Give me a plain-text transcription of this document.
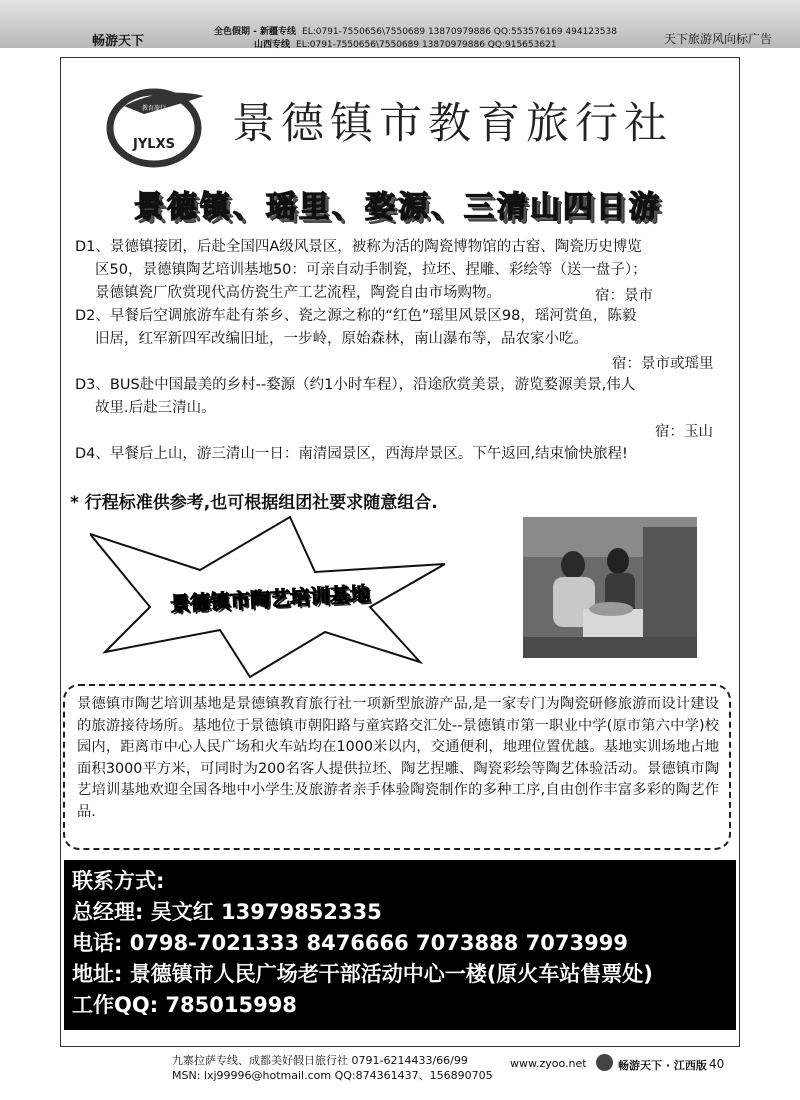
全色假期 - 新疆专线 EL:0791-7550656\7550689 13870979886 QQ:553576169 494123538
山西专线 EL:0791-7550656\7550689 13870979886 QQ:915653621
畅游天下	天下旅游风向标广告
JYLXS
教育旅行 景德镇市教育旅行社
景德镇、瑶里、婺源、三清山四日游
D1、景德镇接团，后赴全国四A级风景区，被称为活的陶瓷博物馆的古窑、陶瓷历史博览
区50，景德镇陶艺培训基地50：可亲自动手制瓷，拉坯、捏雕、彩绘等（送一盘子）；
景德镇瓷厂欣赏现代高仿瓷生产工艺流程，陶瓷自由市场购物。	宿：景市
D2、早餐后空调旅游车赴有茶乡、瓷之源之称的“红色”瑶里风景区98，瑶河赏鱼，陈毅
旧居，红军新四军改编旧址，一步岭，原始森林，南山瀑布等，品农家小吃。
宿：景市或瑶里
D3、BUS赴中国最美的乡村--婺源（约1小时车程），沿途欣赏美景，游览婺源美景,伟人
故里.后赴三清山。
宿：玉山
D4、早餐后上山，游三清山一日：南清园景区，西海岸景区。下午返回,结束愉快旅程!
* 行程标准供参考,也可根据组团社要求随意组合.
景德镇市陶艺培训基地
景德镇市陶艺培训基地是景德镇教育旅行社一项新型旅游产品,是一家专门为陶瓷研修旅游而设计建设的旅游接待场所。基地位于景德镇市朝阳路与童宾路交汇处--景德镇市第一职业中学(原市第六中学)校园内，距离市中心人民广场和火车站均在1000米以内，交通便利，地理位置优越。基地实训场地占地面积3000平方米，可同时为200名客人提供拉坯、陶艺捏雕、陶瓷彩绘等陶艺体验活动。景德镇市陶艺培训基地欢迎全国各地中小学生及旅游者亲手体验陶瓷制作的多种工序,自由创作丰富多彩的陶艺作品.
联系方式:
总经理: 吴文红 13979852335
电话: 0798-7021333 8476666 7073888 7073999
地址: 景德镇市人民广场老干部活动中心一楼(原火车站售票处)
工作QQ: 785015998
九寨拉萨专线、成都美好假日旅行社 0791-6214433/66/99
MSN: lxj99996@hotmail.com QQ:874361437、156890705
www.zyoo.net	畅游天下 · 江西版 40
